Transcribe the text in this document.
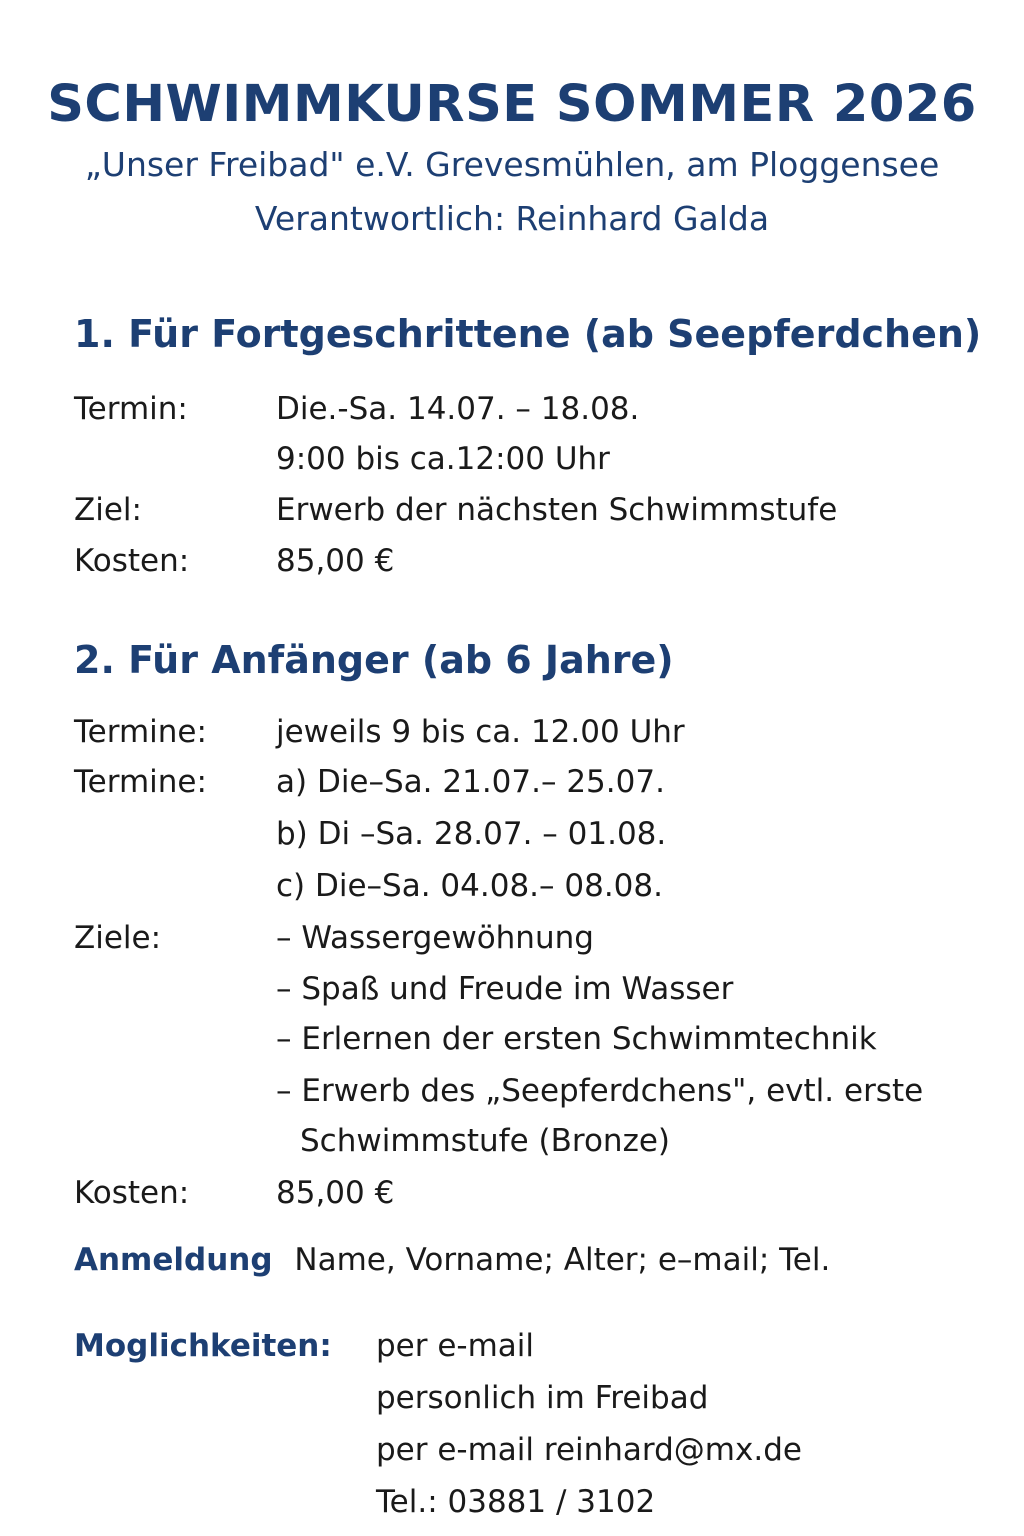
SCHWIMMKURSE SOMMER 2026

„Unser Freibad" e.V. Grevesmühlen, am Ploggensee

Verantwortlich: Reinhard Galda

1. Für Fortgeschrittene (ab Seepferdchen)

Termin:	Die.-Sa. 14.07. – 18.08.
9:00 bis ca.12:00 Uhr
Ziel:	Erwerb der nächsten Schwimmstufe
Kosten:	85,00 €

2. Für Anfänger (ab 6 Jahre)

Termine: jeweils 9 bis ca. 12.00 Uhr
Termine: a) Die–Sa. 21.07.– 25.07.
b) Di –Sa. 28.07. – 01.08.
c) Die–Sa. 04.08.– 08.08.
Ziele:	– Wassergewöhnung
– Spaß und Freude im Wasser
– Erlernen der ersten Schwimmtechnik
– Erwerb des „Seepferdchens", evtl. erste
Schwimmstufe (Bronze)
Kosten:	85,00 €
Anmeldung Name, Vorname; Alter; e–mail; Tel.
Moglichkeiten: per e-mail
personlich im Freibad
per e-mail reinhard@mx.de
Tel.: 03881 / 3102
